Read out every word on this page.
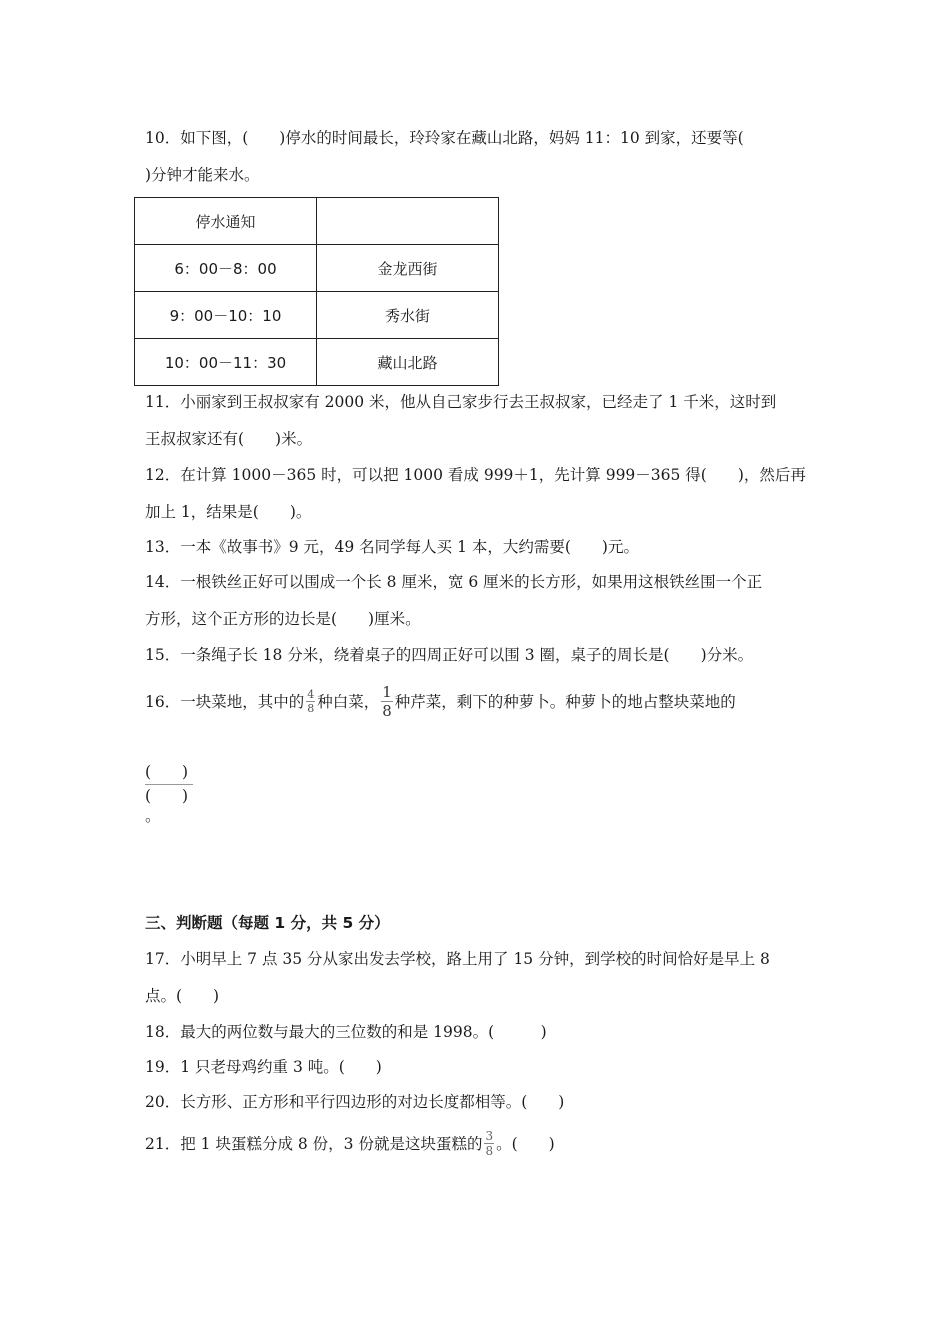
10．如下图，(　　)停水的时间最长，玲玲家在藏山北路，妈妈 11：10 到家，还要等(
)分钟才能来水。
停水通知	
6：00－8：00	金龙西街
9：00－10：10	秀水街
10：00－11：30	藏山北路
11．小丽家到王叔叔家有 2000 米，他从自己家步行去王叔叔家，已经走了 1 千米，这时到
王叔叔家还有(　　)米。
12．在计算 1000－365 时，可以把 1000 看成 999＋1，先计算 999－365 得(　　)，然后再
加上 1，结果是(　　)。
13．一本《故事书》9 元，49 名同学每人买 1 本，大约需要(　　)元。
14．一根铁丝正好可以围成一个长 8 厘米，宽 6 厘米的长方形，如果用这根铁丝围一个正
方形，这个正方形的边长是(　　)厘米。
15．一条绳子长 18 分米，绕着桌子的四周正好可以围 3 圈，桌子的周长是(　　)分米。
16．一块菜地，其中的 $\frac{4}{8}$ 种白菜， $\frac{1}{8}$ 种芹菜，剩下的种萝卜。种萝卜的地占整块菜地的
(　　)
(　　)。
三、判断题（每题 1 分，共 5 分）
17．小明早上 7 点 35 分从家出发去学校，路上用了 15 分钟，到学校的时间恰好是早上 8
点。(　　)
18．最大的两位数与最大的三位数的和是 1998。(　　　)
19．1 只老母鸡约重 3 吨。(　　)
20．长方形、正方形和平行四边形的对边长度都相等。(　　)
21．把 1 块蛋糕分成 8 份，3 份就是这块蛋糕的 $\frac{3}{8}$ 。(　　)
